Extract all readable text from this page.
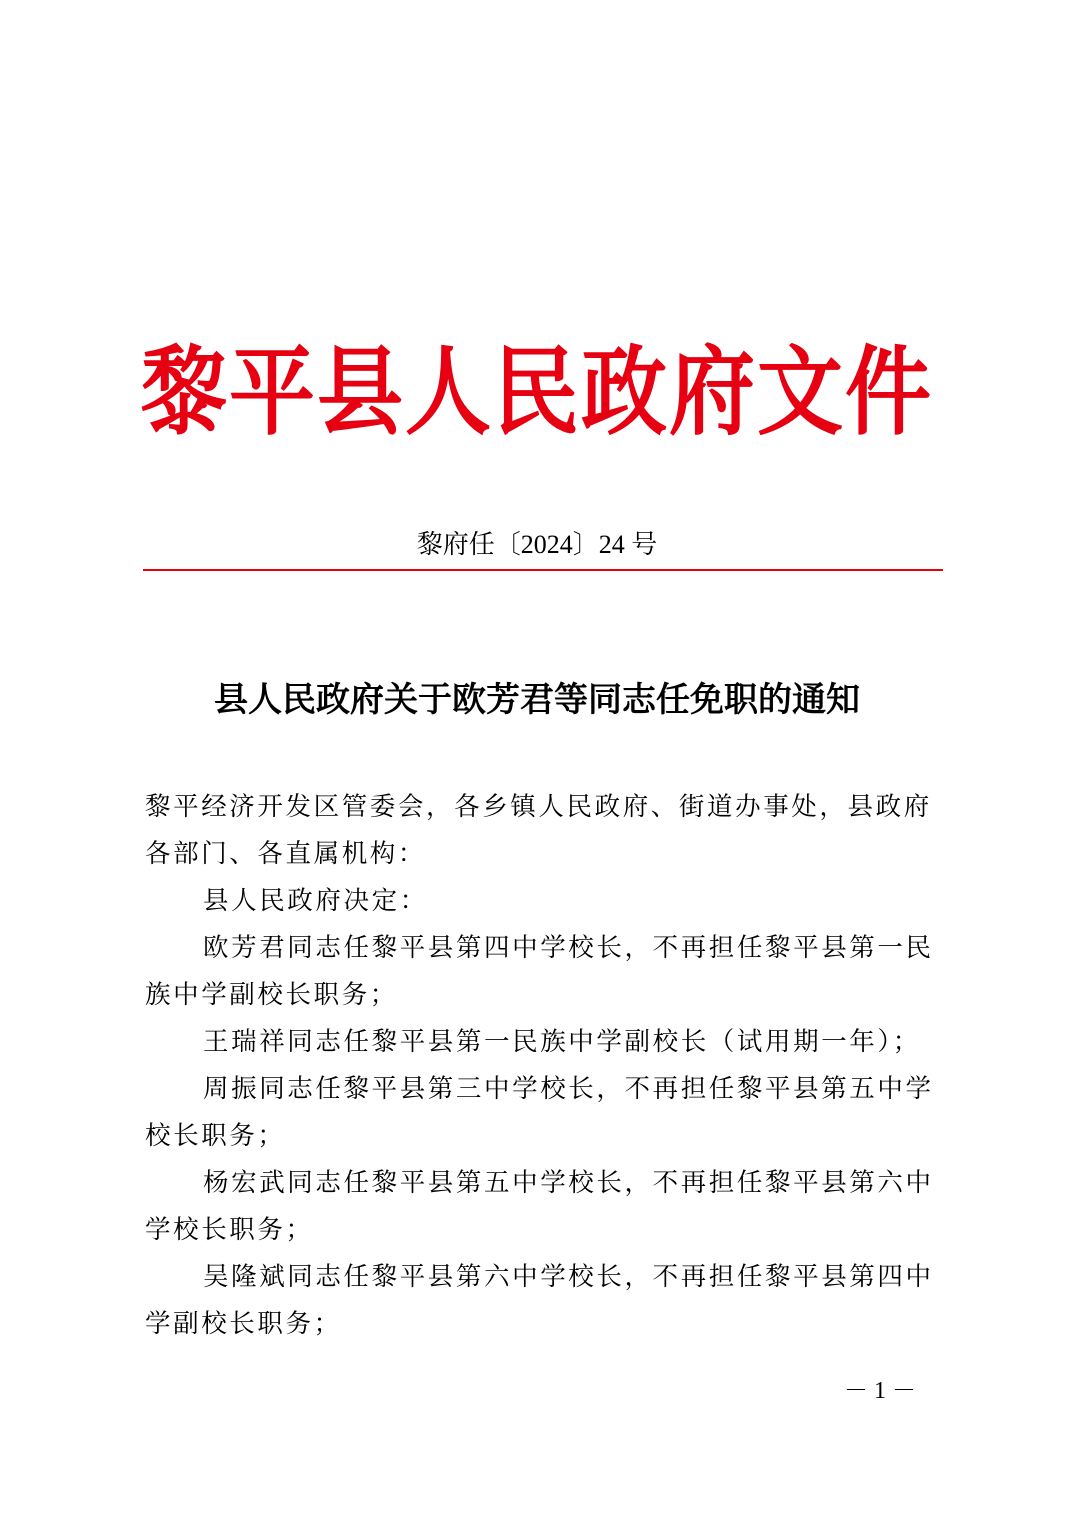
黎平县人民政府文件
黎府任〔2024〕24 号
县人民政府关于欧芳君等同志任免职的通知

黎平经济开发区管委会，各乡镇人民政府、街道办事处，县政府各部门、各直属机构：

县人民政府决定：

欧芳君同志任黎平县第四中学校长，不再担任黎平县第一民族中学副校长职务；

王瑞祥同志任黎平县第一民族中学副校长（试用期一年）；

周振同志任黎平县第三中学校长，不再担任黎平县第五中学校长职务；

杨宏武同志任黎平县第五中学校长，不再担任黎平县第六中学校长职务；

吴隆斌同志任黎平县第六中学校长，不再担任黎平县第四中学副校长职务；

－ 1 －
